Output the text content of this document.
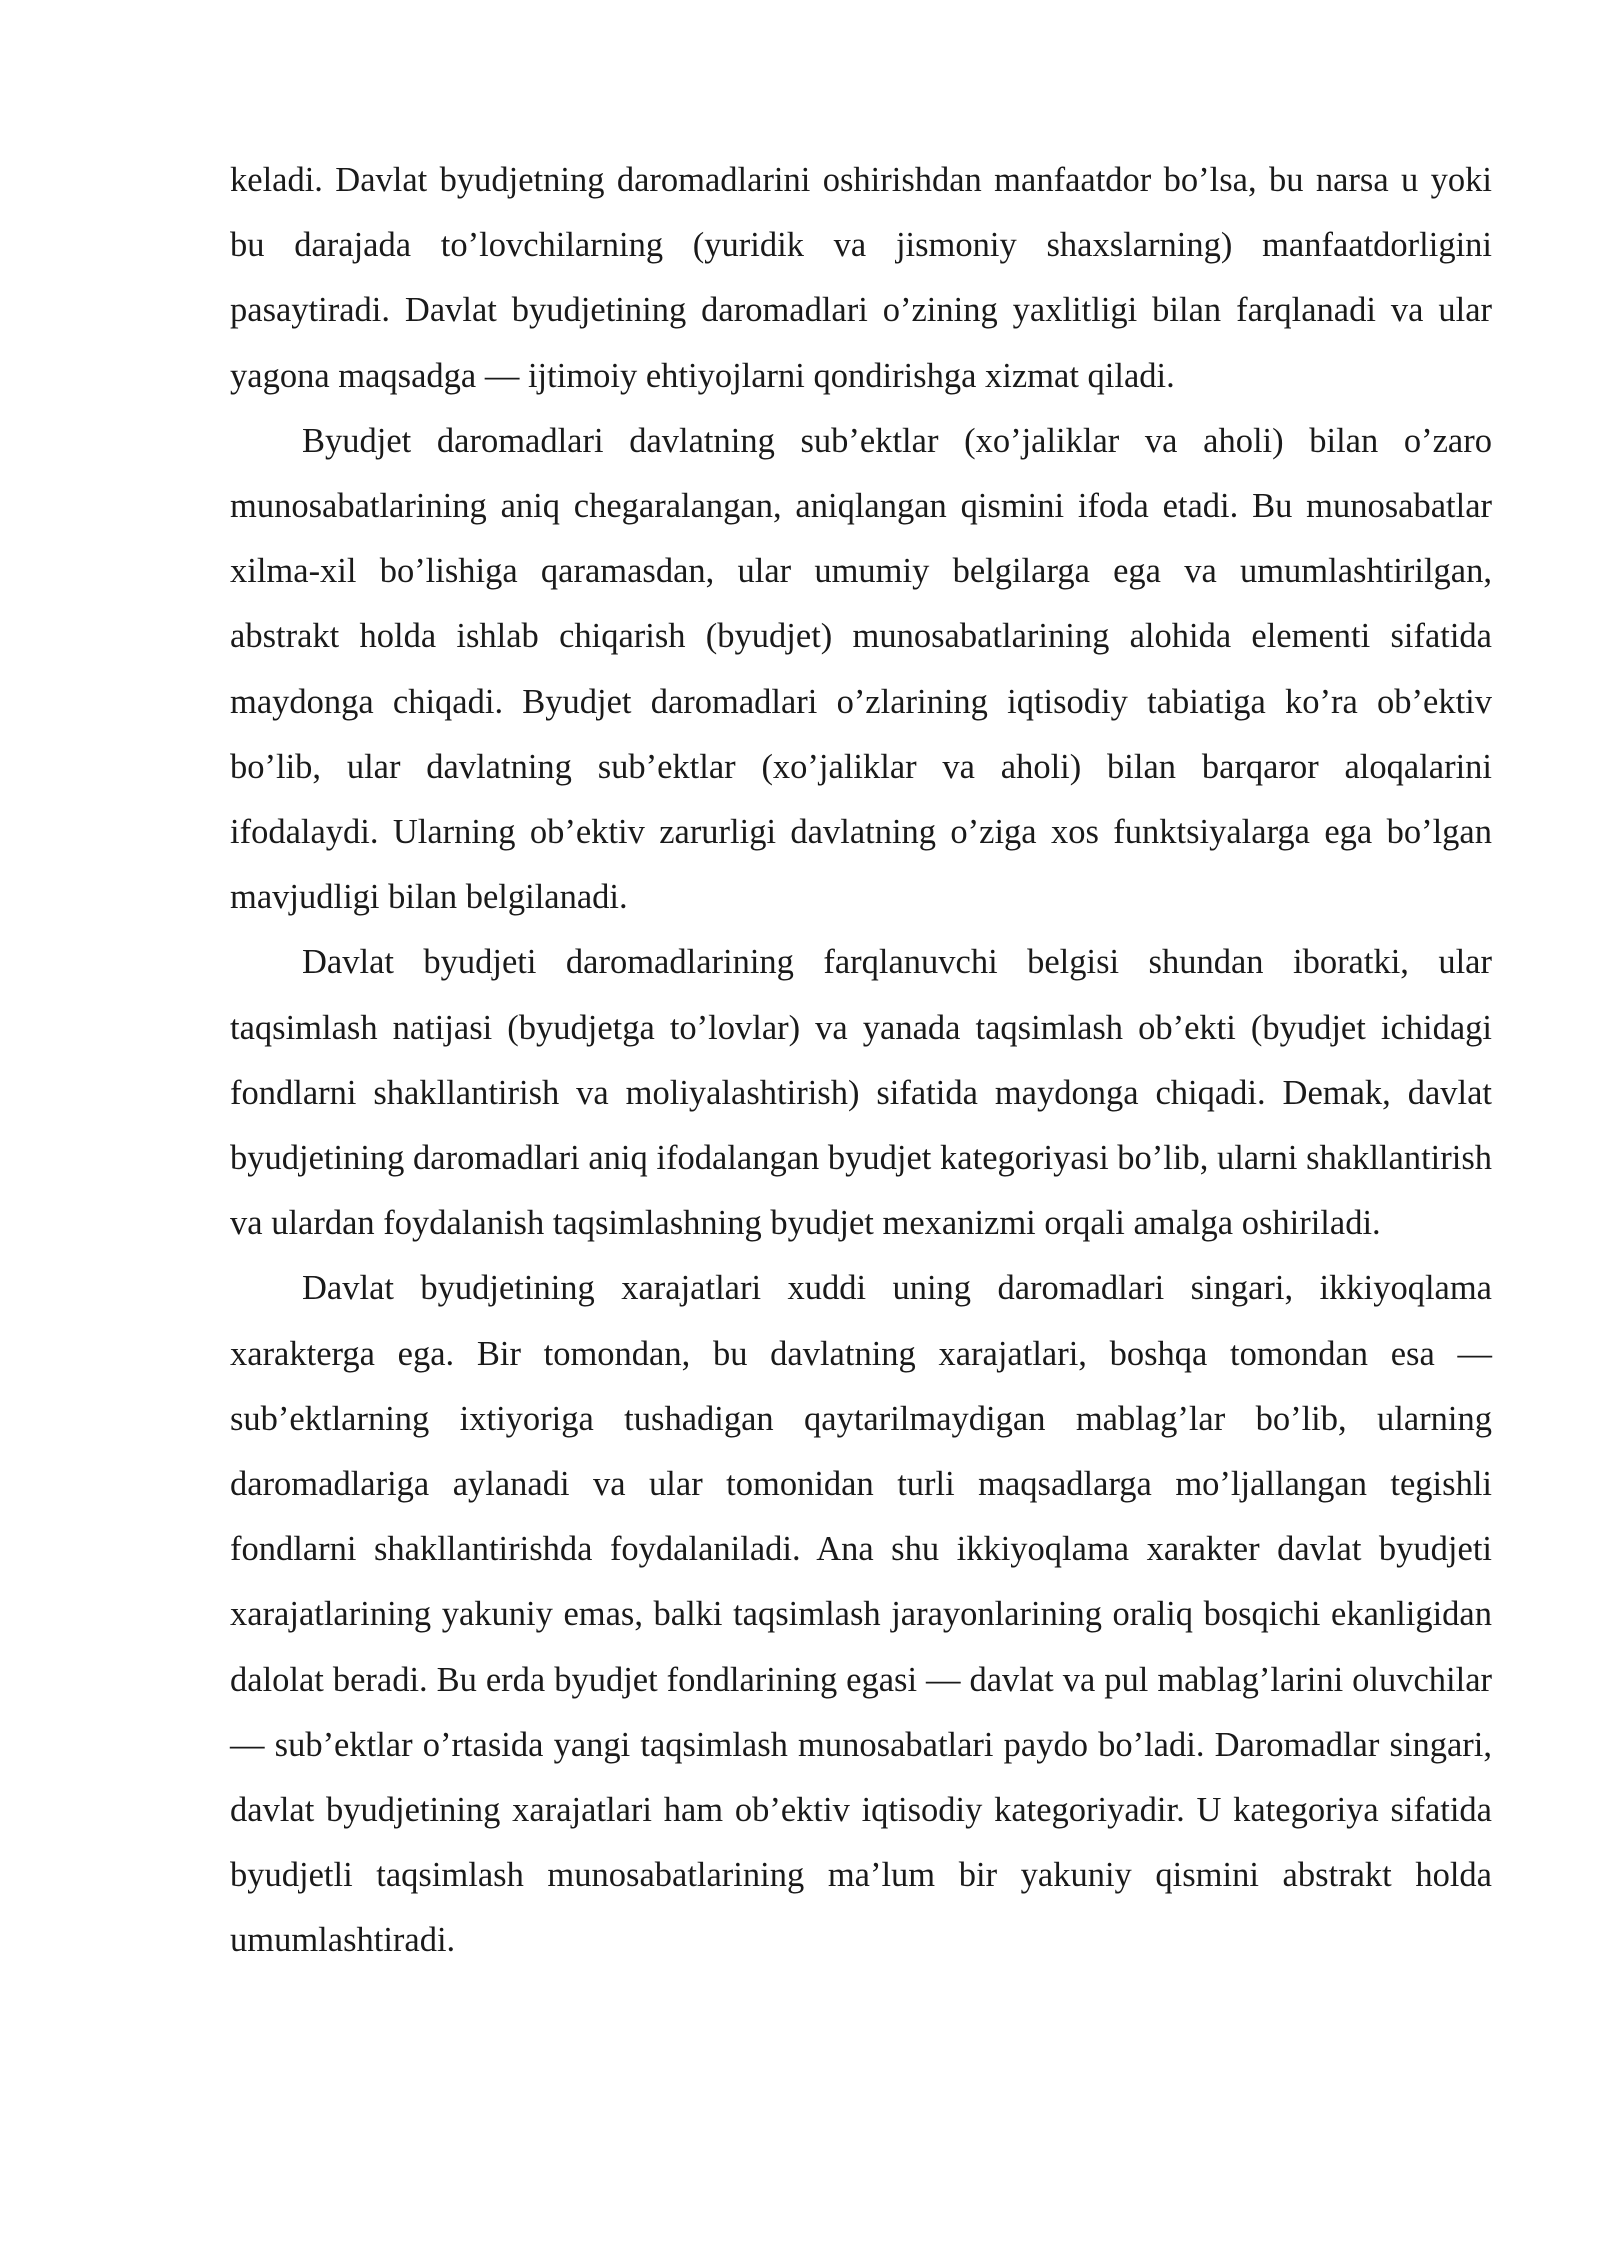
keladi. Davlat byudjetning daromadlarini oshirishdan manfaatdor bo’lsa, bu narsa u yoki bu darajada to’lovchilarning (yuridik va jismoniy shaxslarning) manfaatdorligini pasaytiradi. Davlat byudjetining daromadlari o’zining yaxlitligi bilan farqlanadi va ular yagona maqsadga — ijtimoiy ehtiyojlarni qondirishga xizmat qiladi.

Byudjet daromadlari davlatning sub’ektlar (xo’jaliklar va aholi) bilan o’zaro munosabatlarining aniq chegaralangan, aniqlangan qismini ifoda etadi. Bu munosabatlar xilma-xil bo’lishiga qaramasdan, ular umumiy belgilarga ega va umumlashtirilgan, abstrakt holda ishlab chiqarish (byudjet) munosabatlarining alohida elementi sifatida maydonga chiqadi. Byudjet daromadlari o’zlarining iqtisodiy tabiatiga ko’ra ob’ektiv bo’lib, ular davlatning sub’ektlar (xo’jaliklar va aholi) bilan barqaror aloqalarini ifodalaydi. Ularning ob’ektiv zarurligi davlatning o’ziga xos funktsiyalarga ega bo’lgan mavjudligi bilan belgilanadi.

Davlat byudjeti daromadlarining farqlanuvchi belgisi shundan iboratki, ular taqsimlash natijasi (byudjetga to’lovlar) va yanada taqsimlash ob’ekti (byudjet ichidagi fondlarni shakllantirish va moliyalashtirish) sifatida maydonga chiqadi. Demak, davlat byudjetining daromadlari aniq ifodalangan byudjet kategoriyasi bo’lib, ularni shakllantirish va ulardan foydalanish taqsimlashning byudjet mexanizmi orqali amalga oshiriladi.

Davlat byudjetining xarajatlari xuddi uning daromadlari singari, ikkiyoqlama xarakterga ega. Bir tomondan, bu davlatning xarajatlari, boshqa tomondan esa — sub’ektlarning ixtiyoriga tushadigan qaytarilmaydigan mablag’lar bo’lib, ularning daromadlariga aylanadi va ular tomonidan turli maqsadlarga mo’ljallangan tegishli fondlarni shakllantirishda foydalaniladi. Ana shu ikkiyoqlama xarakter davlat byudjeti xarajatlarining yakuniy emas, balki taqsimlash jarayonlarining oraliq bosqichi ekanligidan dalolat beradi. Bu erda byudjet fondlarining egasi — davlat va pul mablag’larini oluvchilar — sub’ektlar o’rtasida yangi taqsimlash munosabatlari paydo bo’ladi. Daromadlar singari, davlat byudjetining xarajatlari ham ob’ektiv iqtisodiy kategoriyadir. U kategoriya sifatida byudjetli taqsimlash munosabatlarining ma’lum bir yakuniy qismini abstrakt holda umumlashtiradi.
